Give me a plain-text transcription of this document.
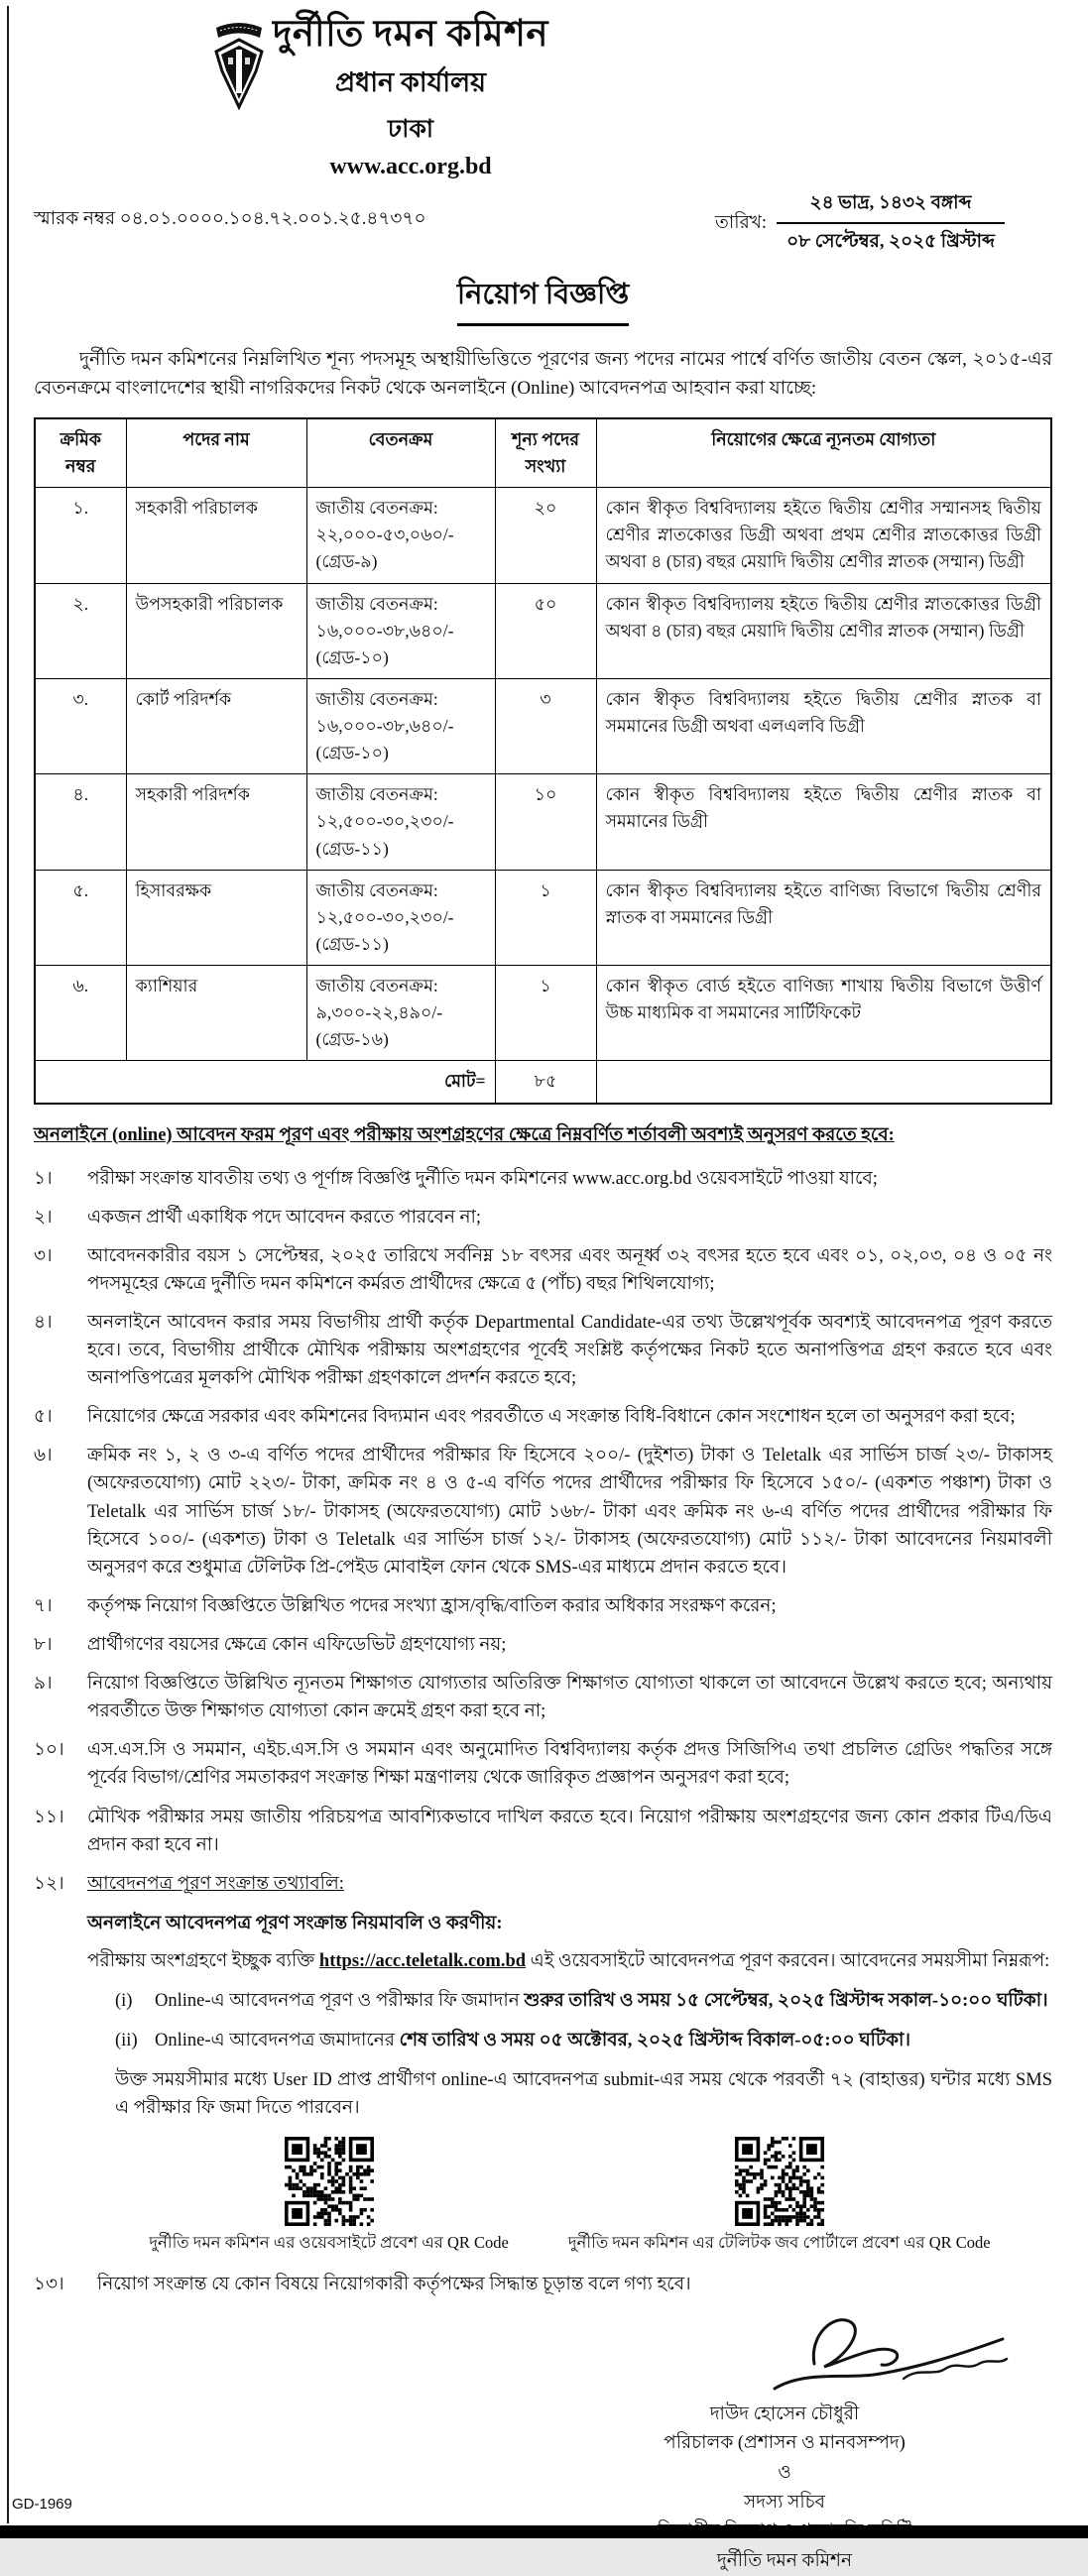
দুর্নীতি দমন কমিশন
প্রধান কার্যালয়
ঢাকা
www.acc.org.bd
স্মারক নম্বর ০৪.০১.০০০০.১০৪.৭২.০০১.২৫.৪৭৩৭০	তারিখ:
২৪ ভাদ্র, ১৪৩২ বঙ্গাব্দ
০৮ সেপ্টেম্বর, ২০২৫ খ্রিস্টাব্দ
নিয়োগ বিজ্ঞপ্তি

দুর্নীতি দমন কমিশনের নিম্নলিখিত শূন্য পদসমূহ অস্থায়ীভিত্তিতে পূরণের জন্য পদের নামের পার্শ্বে বর্ণিত জাতীয় বেতন স্কেল, ২০১৫-এর বেতনক্রমে বাংলাদেশের স্থায়ী নাগরিকদের নিকট থেকে অনলাইনে (Online) আবেদনপত্র আহবান করা যাচ্ছে:

ক্রমিক নম্বর	পদের নাম	বেতনক্রম	শূন্য পদের সংখ্যা	নিয়োগের ক্ষেত্রে ন্যূনতম যোগ্যতা
১.	সহকারী পরিচালক	জাতীয় বেতনক্রম: ২২,০০০-৫৩,০৬০/- (গ্রেড-৯)	২০	কোন স্বীকৃত বিশ্ববিদ্যালয় হইতে দ্বিতীয় শ্রেণীর সম্মানসহ দ্বিতীয় শ্রেণীর স্নাতকোত্তর ডিগ্রী অথবা প্রথম শ্রেণীর স্নাতকোত্তর ডিগ্রী অথবা ৪ (চার) বছর মেয়াদি দ্বিতীয় শ্রেণীর স্নাতক (সম্মান) ডিগ্রী
২.	উপসহকারী পরিচালক	জাতীয় বেতনক্রম: ১৬,০০০-৩৮,৬৪০/- (গ্রেড-১০)	৫০	কোন স্বীকৃত বিশ্ববিদ্যালয় হইতে দ্বিতীয় শ্রেণীর স্নাতকোত্তর ডিগ্রী অথবা ৪ (চার) বছর মেয়াদি দ্বিতীয় শ্রেণীর স্নাতক (সম্মান) ডিগ্রী
৩.	কোর্ট পরিদর্শক	জাতীয় বেতনক্রম: ১৬,০০০-৩৮,৬৪০/- (গ্রেড-১০)	৩	কোন স্বীকৃত বিশ্ববিদ্যালয় হইতে দ্বিতীয় শ্রেণীর স্নাতক বা সমমানের ডিগ্রী অথবা এলএলবি ডিগ্রী
৪.	সহকারী পরিদর্শক	জাতীয় বেতনক্রম: ১২,৫০০-৩০,২৩০/- (গ্রেড-১১)	১০	কোন স্বীকৃত বিশ্ববিদ্যালয় হইতে দ্বিতীয় শ্রেণীর স্নাতক বা সমমানের ডিগ্রী
৫.	হিসাবরক্ষক	জাতীয় বেতনক্রম: ১২,৫০০-৩০,২৩০/- (গ্রেড-১১)	১	কোন স্বীকৃত বিশ্ববিদ্যালয় হইতে বাণিজ্য বিভাগে দ্বিতীয় শ্রেণীর স্নাতক বা সমমানের ডিগ্রী
৬.	ক্যাশিয়ার	জাতীয় বেতনক্রম: ৯,৩০০-২২,৪৯০/- (গ্রেড-১৬)	১	কোন স্বীকৃত বোর্ড হইতে বাণিজ্য শাখায় দ্বিতীয় বিভাগে উত্তীর্ণ উচ্চ মাধ্যমিক বা সমমানের সার্টিফিকেট
মোট=			৮৫	
অনলাইনে (online) আবেদন ফরম পূরণ এবং পরীক্ষায় অংশগ্রহণের ক্ষেত্রে নিম্নবর্ণিত শর্তাবলী অবশ্যই অনুসরণ করতে হবে:
১।	পরীক্ষা সংক্রান্ত যাবতীয় তথ্য ও পূর্ণাঙ্গ বিজ্ঞপ্তি দুর্নীতি দমন কমিশনের www.acc.org.bd ওয়েবসাইটে পাওয়া যাবে;
২।	একজন প্রার্থী একাধিক পদে আবেদন করতে পারবেন না;
৩।	আবেদনকারীর বয়স ১ সেপ্টেম্বর, ২০২৫ তারিখে সর্বনিম্ন ১৮ বৎসর এবং অনূর্ধ্ব ৩২ বৎসর হতে হবে এবং ০১, ০২,০৩, ০৪ ও ০৫ নং পদসমূহের ক্ষেত্রে দুর্নীতি দমন কমিশনে কর্মরত প্রার্থীদের ক্ষেত্রে ৫ (পাঁচ) বছর শিথিলযোগ্য;
৪।	অনলাইনে আবেদন করার সময় বিভাগীয় প্রার্থী কর্তৃক Departmental Candidate-এর তথ্য উল্লেখপূর্বক অবশ্যই আবেদনপত্র পূরণ করতে হবে। তবে, বিভাগীয় প্রার্থীকে মৌখিক পরীক্ষায় অংশগ্রহণের পূর্বেই সংশ্লিষ্ট কর্তৃপক্ষের নিকট হতে অনাপত্তিপত্র গ্রহণ করতে হবে এবং অনাপত্তিপত্রের মূলকপি মৌখিক পরীক্ষা গ্রহণকালে প্রদর্শন করতে হবে;
৫।	নিয়োগের ক্ষেত্রে সরকার এবং কমিশনের বিদ্যমান এবং পরবর্তীতে এ সংক্রান্ত বিধি-বিধানে কোন সংশোধন হলে তা অনুসরণ করা হবে;
৬।	ক্রমিক নং ১, ২ ও ৩-এ বর্ণিত পদের প্রার্থীদের পরীক্ষার ফি হিসেবে ২০০/- (দুইশত) টাকা ও Teletalk এর সার্ভিস চার্জ ২৩/- টাকাসহ (অফেরতযোগ্য) মোট ২২৩/- টাকা, ক্রমিক নং ৪ ও ৫-এ বর্ণিত পদের প্রার্থীদের পরীক্ষার ফি হিসেবে ১৫০/- (একশত পঞ্চাশ) টাকা ও Teletalk এর সার্ভিস চার্জ ১৮/- টাকাসহ (অফেরতযোগ্য) মোট ১৬৮/- টাকা এবং ক্রমিক নং ৬-এ বর্ণিত পদের প্রার্থীদের পরীক্ষার ফি হিসেবে ১০০/- (একশত) টাকা ও Teletalk এর সার্ভিস চার্জ ১২/- টাকাসহ (অফেরতযোগ্য) মোট ১১২/- টাকা আবেদনের নিয়মাবলী অনুসরণ করে শুধুমাত্র টেলিটক প্রি-পেইড মোবাইল ফোন থেকে SMS-এর মাধ্যমে প্রদান করতে হবে।
৭।	কর্তৃপক্ষ নিয়োগ বিজ্ঞপ্তিতে উল্লিখিত পদের সংখ্যা হ্রাস/বৃদ্ধি/বাতিল করার অধিকার সংরক্ষণ করেন;
৮।	প্রার্থীগণের বয়সের ক্ষেত্রে কোন এফিডেভিট গ্রহণযোগ্য নয়;
৯।	নিয়োগ বিজ্ঞপ্তিতে উল্লিখিত ন্যূনতম শিক্ষাগত যোগ্যতার অতিরিক্ত শিক্ষাগত যোগ্যতা থাকলে তা আবেদনে উল্লেখ করতে হবে; অন্যথায় পরবর্তীতে উক্ত শিক্ষাগত যোগ্যতা কোন ক্রমেই গ্রহণ করা হবে না;
১০।	এস.এস.সি ও সমমান, এইচ.এস.সি ও সমমান এবং অনুমোদিত বিশ্ববিদ্যালয় কর্তৃক প্রদত্ত সিজিপিএ তথা প্রচলিত গ্রেডিং পদ্ধতির সঙ্গে পূর্বের বিভাগ/শ্রেণির সমতাকরণ সংক্রান্ত শিক্ষা মন্ত্রণালয় থেকে জারিকৃত প্রজ্ঞাপন অনুসরণ করা হবে;
১১।	মৌখিক পরীক্ষার সময় জাতীয় পরিচয়পত্র আবশ্যিকভাবে দাখিল করতে হবে। নিয়োগ পরীক্ষায় অংশগ্রহণের জন্য কোন প্রকার টিএ/ডিএ প্রদান করা হবে না।
১২।	আবেদনপত্র পূরণ সংক্রান্ত তথ্যাবলি:
অনলাইনে আবেদনপত্র পূরণ সংক্রান্ত নিয়মাবলি ও করণীয়:
পরীক্ষায় অংশগ্রহণে ইচ্ছুক ব্যক্তি https://acc.teletalk.com.bd এই ওয়েবসাইটে আবেদনপত্র পূরণ করবেন। আবেদনের সময়সীমা নিম্নরূপ:
(i)	Online-এ আবেদনপত্র পূরণ ও পরীক্ষার ফি জমাদান শুরুর তারিখ ও সময় ১৫ সেপ্টেম্বর, ২০২৫ খ্রিস্টাব্দ সকাল-১০:০০ ঘটিকা।
(ii) Online-এ আবেদনপত্র জমাদানের শেষ তারিখ ও সময় ০৫ অক্টোবর, ২০২৫ খ্রিস্টাব্দ বিকাল-০৫:০০ ঘটিকা।
উক্ত সময়সীমার মধ্যে User ID প্রাপ্ত প্রার্থীগণ online-এ আবেদনপত্র submit-এর সময় থেকে পরবর্তী ৭২ (বাহাত্তর) ঘন্টার মধ্যে SMS এ পরীক্ষার ফি জমা দিতে পারবেন।
দুর্নীতি দমন কমিশন এর ওয়েবসাইটে প্রবেশ এর QR Code	দুর্নীতি দমন কমিশন এর টেলিটক জব পোর্টালে প্রবেশ এর QR Code
১৩।	নিয়োগ সংক্রান্ত যে কোন বিষয়ে নিয়োগকারী কর্তৃপক্ষের সিদ্ধান্ত চূড়ান্ত বলে গণ্য হবে।
দাউদ হোসেন চৌধুরী
পরিচালক (প্রশাসন ও মানবসম্পদ)
ও
সদস্য সচিব
দুর্নীতি দমন কমিশন
GD-1969
